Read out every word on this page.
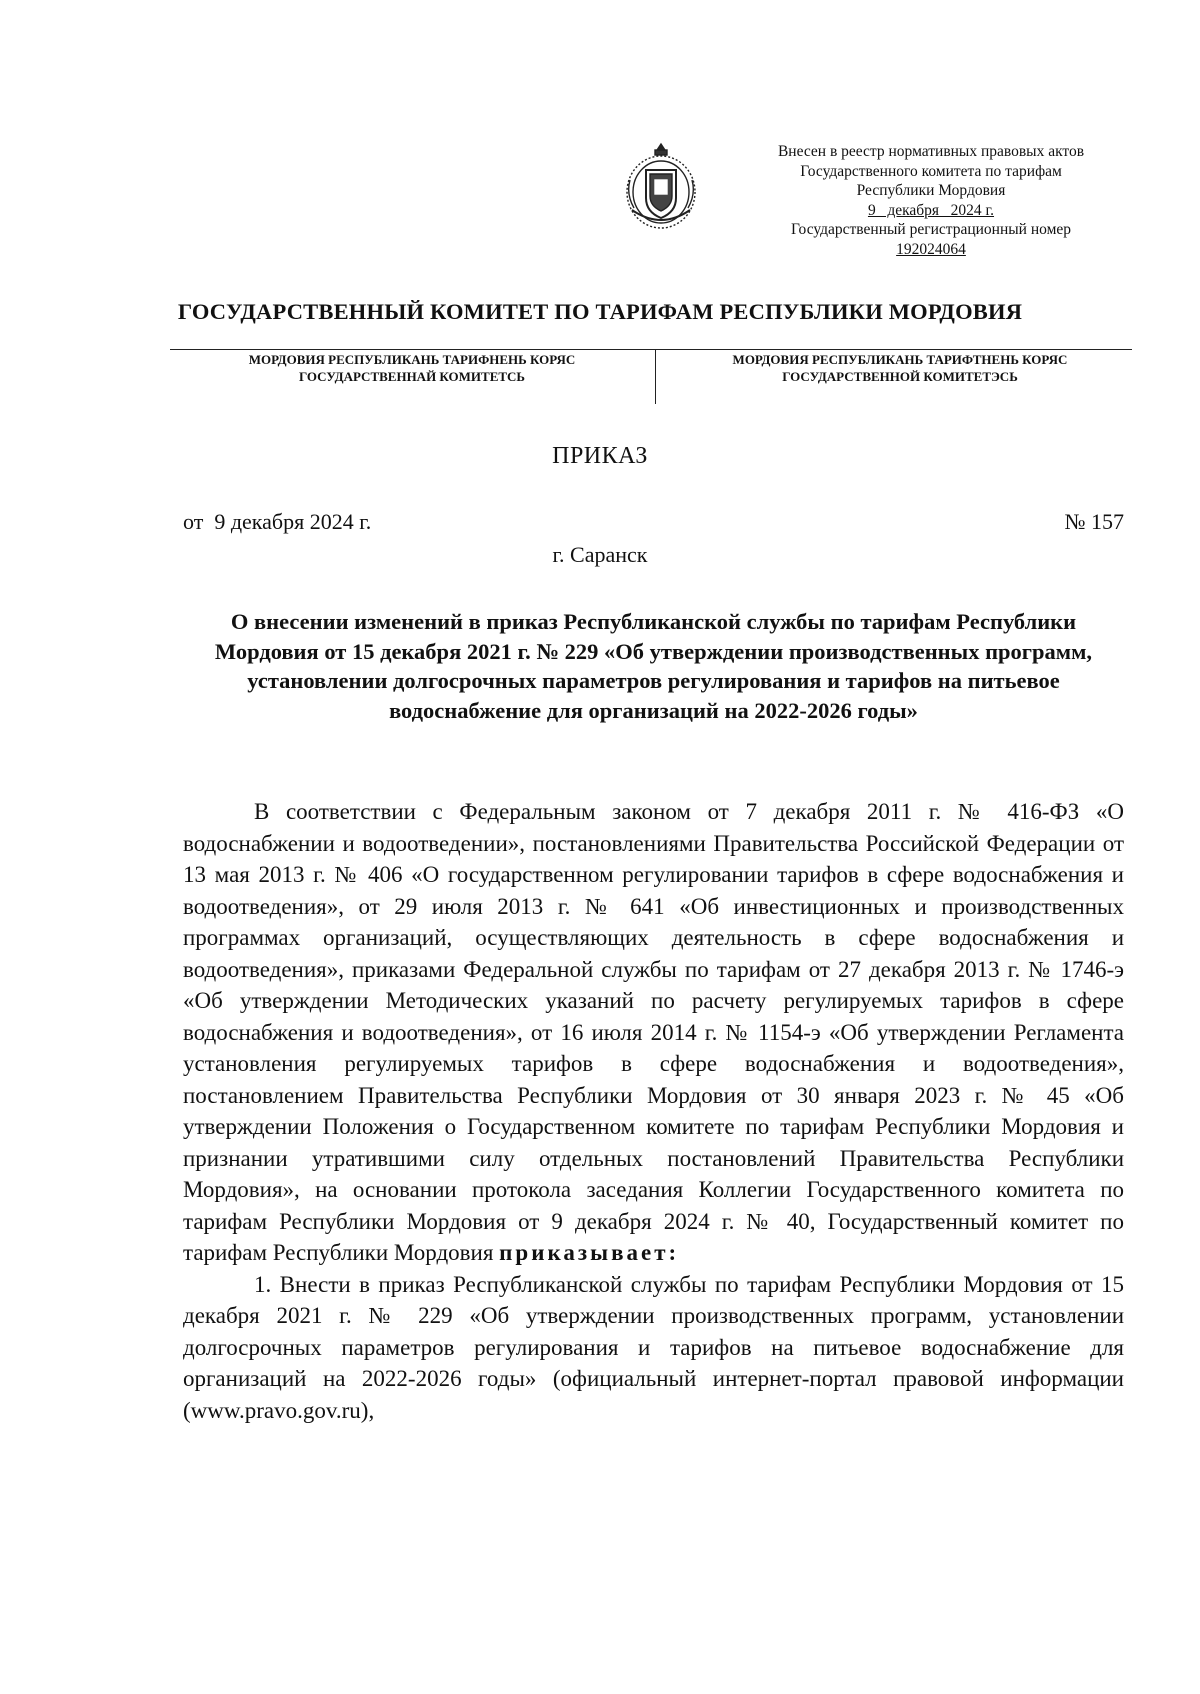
Внесен в реестр нормативных правовых актов
Государственного комитета по тарифам
Республики Мордовия
9   декабря   2024 г.
Государственный регистрационный номер
192024064
ГОСУДАРСТВЕННЫЙ КОМИТЕТ ПО ТАРИФАМ РЕСПУБЛИКИ МОРДОВИЯ
МОРДОВИЯ РЕСПУБЛИКАНЬ ТАРИФНЕНЬ КОРЯС
ГОСУДАРСТВЕННАЙ КОМИТЕТСЬ
МОРДОВИЯ РЕСПУБЛИКАНЬ ТАРИФТНЕНЬ КОРЯС
ГОСУДАРСТВЕННОЙ КОМИТЕТЭСЬ
ПРИКАЗ
от  9 декабря 2024 г.	№ 157
г. Саранск
О внесении изменений в приказ Республиканской службы по тарифам Республики Мордовия от 15 декабря 2021 г. № 229 «Об утверждении производственных программ, установлении долгосрочных параметров регулирования и тарифов на питьевое водоснабжение для организаций на 2022-2026 годы»

В соответствии с Федеральным законом от 7 декабря 2011 г. № 416-ФЗ «О водоснабжении и водоотведении», постановлениями Правительства Российской Федерации от 13 мая 2013 г. № 406 «О государственном регулировании тарифов в сфере водоснабжения и водоотведения», от 29 июля 2013 г. № 641 «Об инвестиционных и производственных программах организаций, осуществляющих деятельность в сфере водоснабжения и водоотведения», приказами Федеральной службы по тарифам от 27 декабря 2013 г. № 1746-э «Об утверждении Методических указаний по расчету регулируемых тарифов в сфере водоснабжения и водоотведения», от 16 июля 2014 г. № 1154-э «Об утверждении Регламента установления регулируемых тарифов в сфере водоснабжения и водоотведения», постановлением Правительства Республики Мордовия от 30 января 2023 г. № 45 «Об утверждении Положения о Государственном комитете по тарифам Республики Мордовия и признании утратившими силу отдельных постановлений Правительства Республики Мордовия», на основании протокола заседания Коллегии Государственного комитета по тарифам Республики Мордовия от 9 декабря 2024 г. № 40, Государственный комитет по тарифам Республики Мордовия приказывает:

1. Внести в приказ Республиканской службы по тарифам Республики Мордовия от 15 декабря 2021 г. № 229 «Об утверждении производственных программ, установлении долгосрочных параметров регулирования и тарифов на питьевое водоснабжение для организаций на 2022-2026 годы» (официальный интернет-портал правовой информации (www.pravo.gov.ru),
